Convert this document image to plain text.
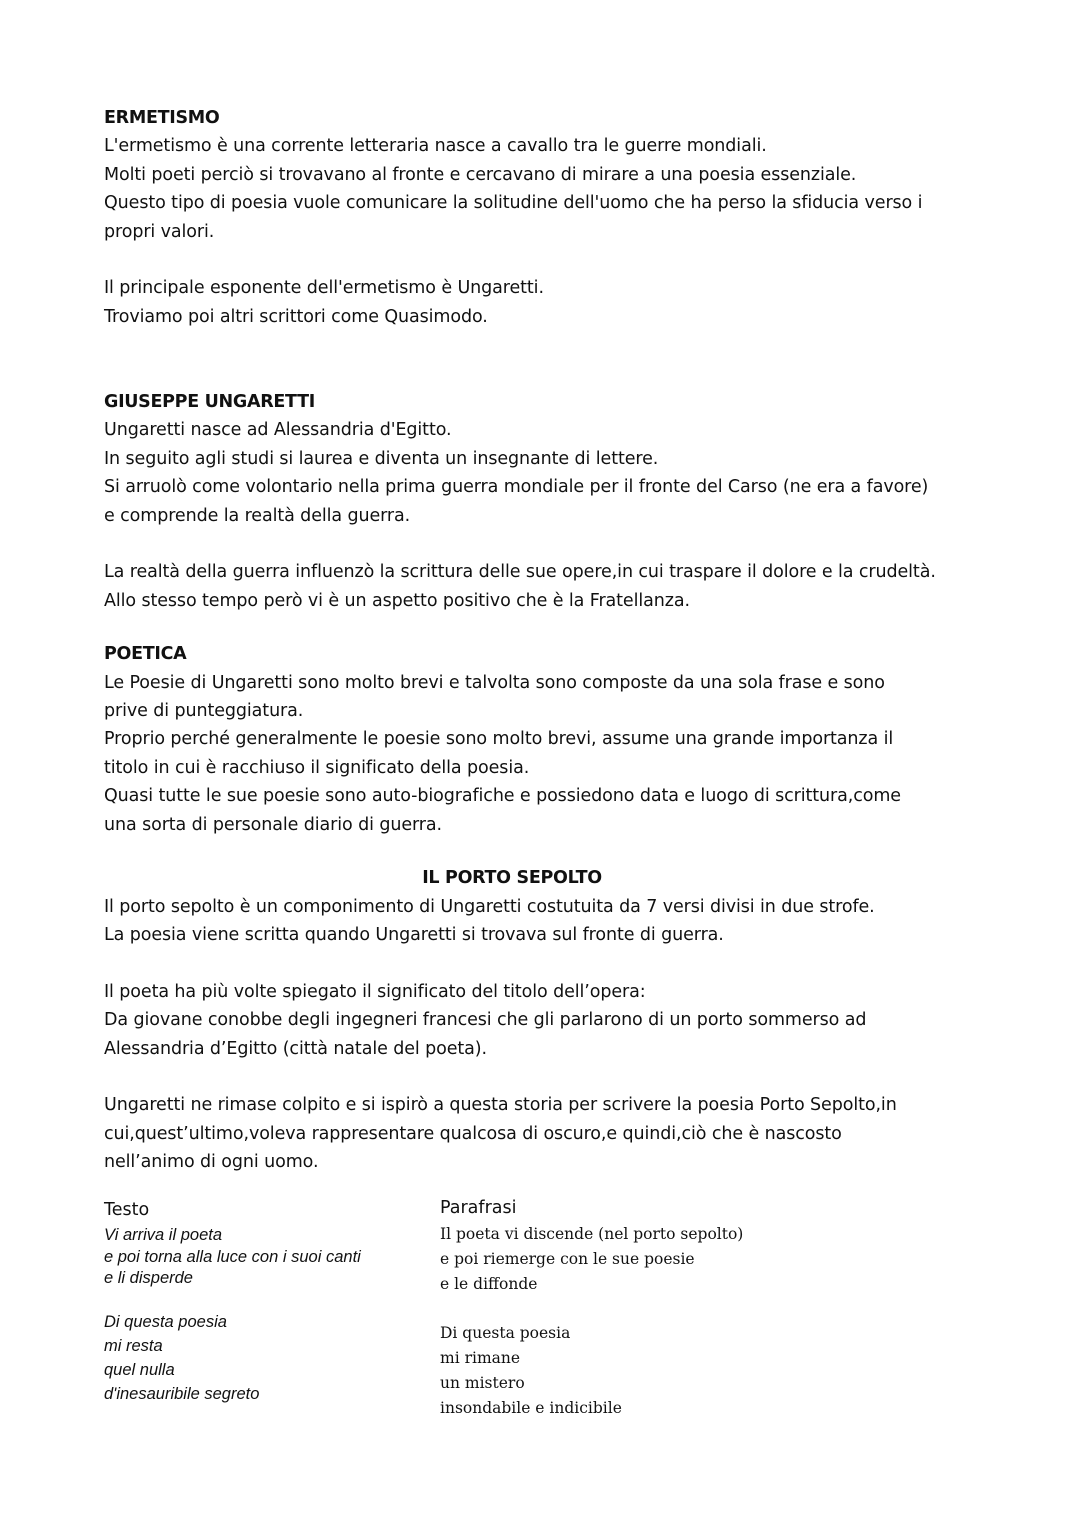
ERMETISMO
L'ermetismo è una corrente letteraria nasce a cavallo tra le guerre mondiali.
Molti poeti perciò si trovavano al fronte e cercavano di mirare a una poesia essenziale.
Questo tipo di poesia vuole comunicare la solitudine dell'uomo che ha perso la sfiducia verso i
propri valori.
Il principale esponente dell'ermetismo è Ungaretti.
Troviamo poi altri scrittori come Quasimodo.
GIUSEPPE UNGARETTI
Ungaretti nasce ad Alessandria d'Egitto.
In seguito agli studi si laurea e diventa un insegnante di lettere.
Si arruolò come volontario nella prima guerra mondiale per il fronte del Carso (ne era a favore)
e comprende la realtà della guerra.
La realtà della guerra influenzò la scrittura delle sue opere,in cui traspare il dolore e la crudeltà.
Allo stesso tempo però vi è un aspetto positivo che è la Fratellanza.
POETICA
Le Poesie di Ungaretti sono molto brevi e talvolta sono composte da una sola frase e sono
prive di punteggiatura.
Proprio perché generalmente le poesie sono molto brevi, assume una grande importanza il
titolo in cui è racchiuso il significato della poesia.
Quasi tutte le sue poesie sono auto-biografiche e possiedono data e luogo di scrittura,come
una sorta di personale diario di guerra.
IL PORTO SEPOLTO
Il porto sepolto è un componimento di Ungaretti costutuita da 7 versi divisi in due strofe.
La poesia viene scritta quando Ungaretti si trovava sul fronte di guerra.
Il poeta ha più volte spiegato il significato del titolo dell’opera:
Da giovane conobbe degli ingegneri francesi che gli parlarono di un porto sommerso ad
Alessandria d’Egitto (città natale del poeta).
Ungaretti ne rimase colpito e si ispirò a questa storia per scrivere la poesia Porto Sepolto,in
cui,quest’ultimo,voleva rappresentare qualcosa di oscuro,e quindi,ciò che è nascosto
nell’animo di ogni uomo.
Testo
Vi arriva il poeta
e poi torna alla luce con i suoi canti
e li disperde
Di questa poesia
mi resta
quel nulla
d'inesauribile segreto
Parafrasi
Il poeta vi discende (nel porto sepolto)
e poi riemerge con le sue poesie
e le diffonde
Di questa poesia
mi rimane
un mistero
insondabile e indicibile
